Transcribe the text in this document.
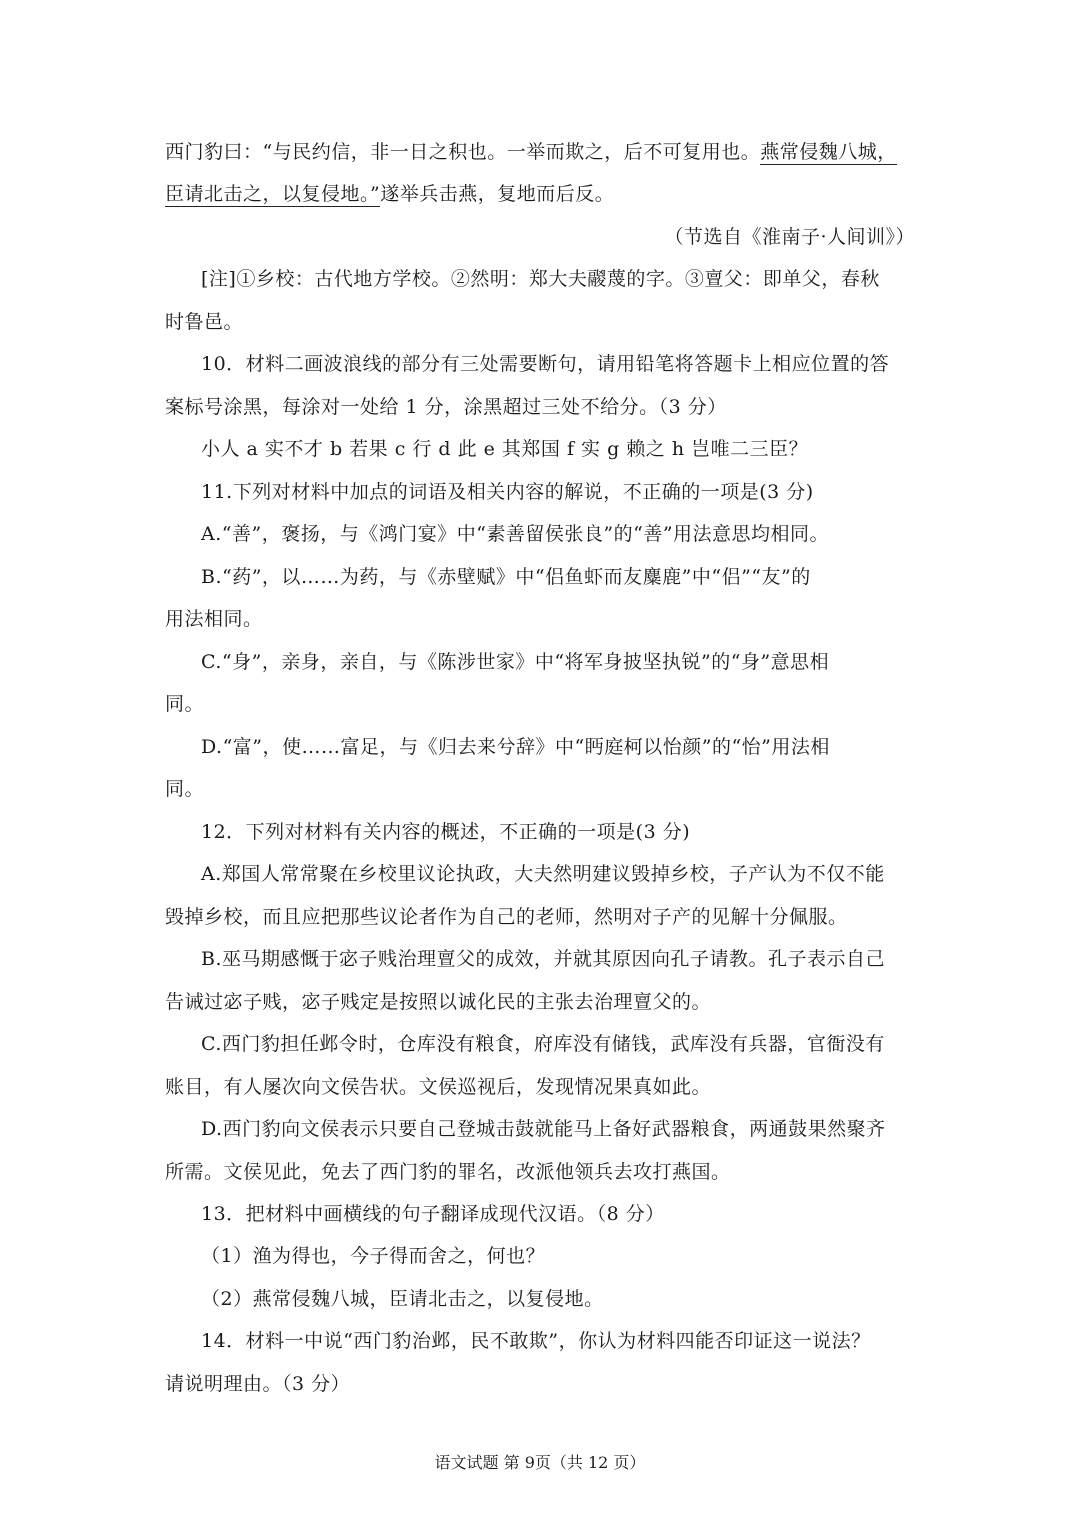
西门豹曰：“与民约信，非一日之积也。一举而欺之，后不可复用也。燕常侵魏八城，
臣请北击之，以复侵地。”遂举兵击燕，复地而后反。
（节选自《淮南子·人间训》）
[注]①乡校：古代地方学校。②然明：郑大夫鬷蔑的字。③亶父：即单父，春秋
时鲁邑。
10．材料二画波浪线的部分有三处需要断句，请用铅笔将答题卡上相应位置的答
案标号涂黑，每涂对一处给 1 分，涂黑超过三处不给分。（3 分）
小人 a 实不才 b 若果 c 行 d 此 e 其郑国 f 实 g 赖之 h 岂唯二三臣？
11.下列对材料中加点的词语及相关内容的解说，不正确的一项是(3 分)
A.“善”，褒扬，与《鸿门宴》中“素善留侯张良”的“善”用法意思均相同。
B.“药”，以……为药，与《赤壁赋》中“侣鱼虾而友麋鹿”中“侣”“友”的
用法相同。
C.“身”，亲身，亲自，与《陈涉世家》中“将军身披坚执锐”的“身”意思相
同。
D.“富”，使……富足，与《归去来兮辞》中“眄庭柯以怡颜”的“怡”用法相
同。
12．下列对材料有关内容的概述，不正确的一项是(3 分)
A.郑国人常常聚在乡校里议论执政，大夫然明建议毁掉乡校，子产认为不仅不能
毁掉乡校，而且应把那些议论者作为自己的老师，然明对子产的见解十分佩服。
B.巫马期感慨于宓子贱治理亶父的成效，并就其原因向孔子请教。孔子表示自己
告诫过宓子贱，宓子贱定是按照以诚化民的主张去治理亶父的。
C.西门豹担任邺令时，仓库没有粮食，府库没有储钱，武库没有兵器，官衙没有
账目，有人屡次向文侯告状。文侯巡视后，发现情况果真如此。
D.西门豹向文侯表示只要自己登城击鼓就能马上备好武器粮食，两通鼓果然聚齐
所需。文侯见此，免去了西门豹的罪名，改派他领兵去攻打燕国。
13．把材料中画横线的句子翻译成现代汉语。（8 分）
（1）渔为得也，今子得而舍之，何也？
（2）燕常侵魏八城，臣请北击之，以复侵地。
14．材料一中说“西门豹治邺，民不敢欺”，你认为材料四能否印证这一说法？
请说明理由。（3 分）
语文试题 第 9页（共 12 页）
